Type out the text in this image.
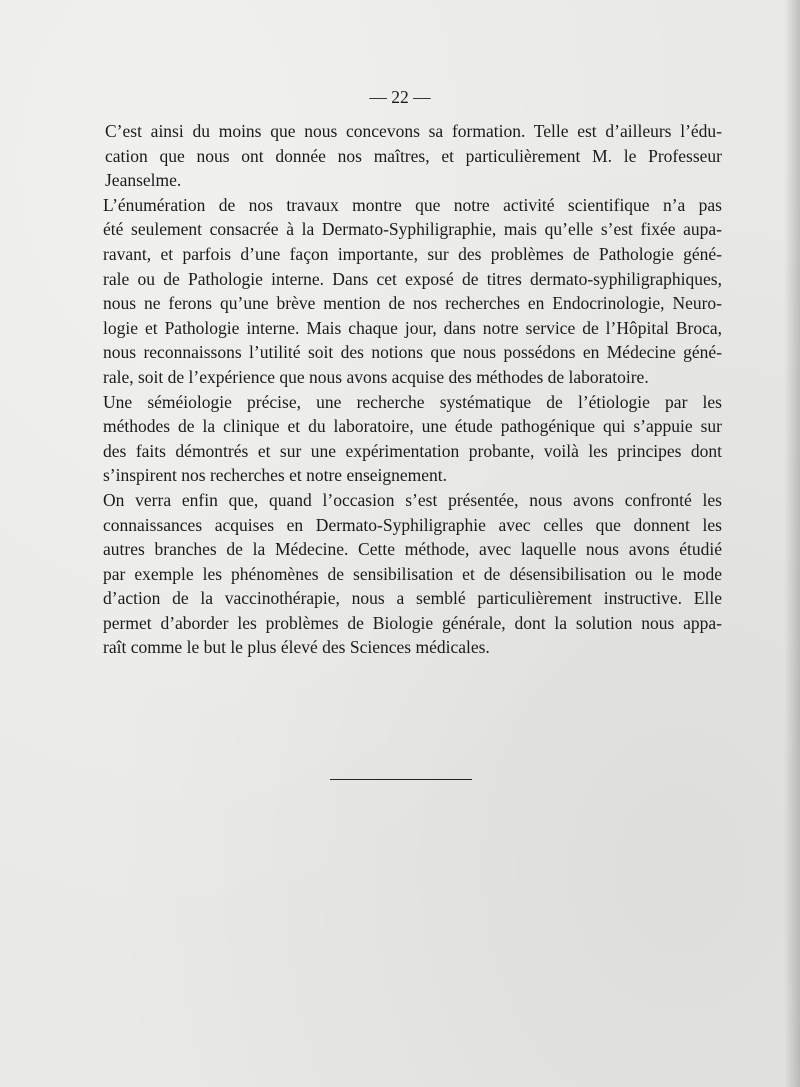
— 22 —

C’est ainsi du moins que nous concevons sa formation. Telle est d’ailleurs l’édu-
cation que nous ont donnée nos maîtres, et particulièrement M. le Professeur
Jeanselme.

L’énumération de nos travaux montre que notre activité scientifique n’a pas
été seulement consacrée à la Dermato-Syphiligraphie, mais qu’elle s’est fixée aupa-
ravant, et parfois d’une façon importante, sur des problèmes de Pathologie géné-
rale ou de Pathologie interne. Dans cet exposé de titres dermato-syphiligraphiques,
nous ne ferons qu’une brève mention de nos recherches en Endocrinologie, Neuro-
logie et Pathologie interne. Mais chaque jour, dans notre service de l’Hôpital Broca,
nous reconnaissons l’utilité soit des notions que nous possédons en Médecine géné-
rale, soit de l’expérience que nous avons acquise des méthodes de laboratoire.

Une séméiologie précise, une recherche systématique de l’étiologie par les
méthodes de la clinique et du laboratoire, une étude pathogénique qui s’appuie sur
des faits démontrés et sur une expérimentation probante, voilà les principes dont
s’inspirent nos recherches et notre enseignement.

On verra enfin que, quand l’occasion s’est présentée, nous avons confronté les
connaissances acquises en Dermato-Syphiligraphie avec celles que donnent les
autres branches de la Médecine. Cette méthode, avec laquelle nous avons étudié
par exemple les phénomènes de sensibilisation et de désensibilisation ou le mode
d’action de la vaccinothérapie, nous a semblé particulièrement instructive. Elle
permet d’aborder les problèmes de Biologie générale, dont la solution nous appa-
raît comme le but le plus élevé des Sciences médicales.
